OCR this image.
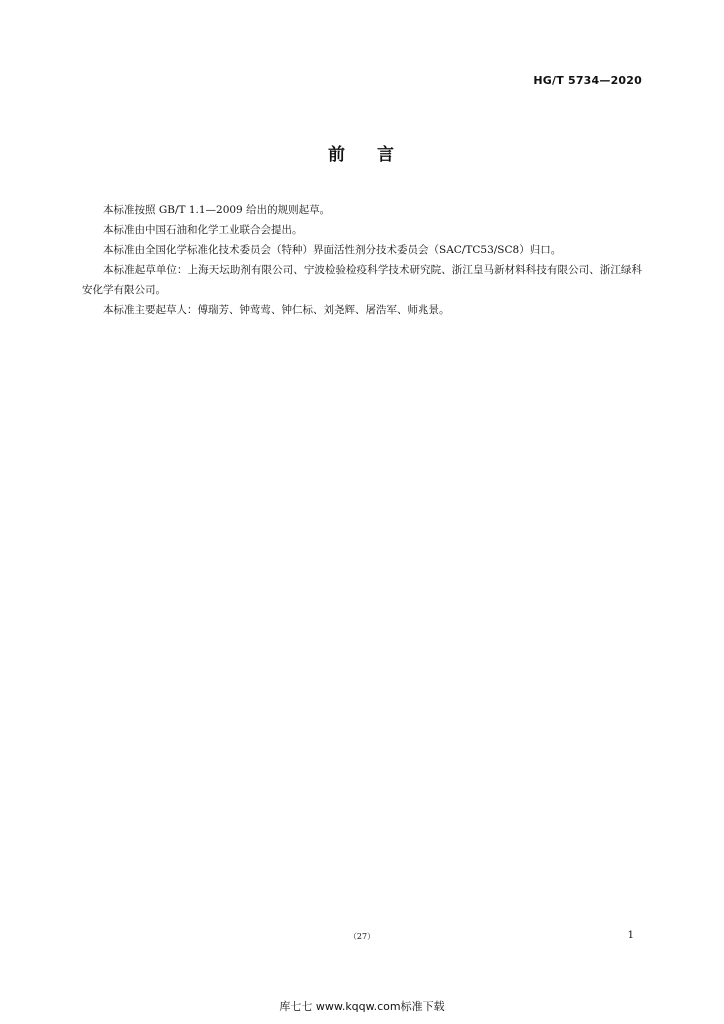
HG/T 5734—2020
前 言

本标准按照 GB/T 1.1—2009 给出的规则起草。

本标准由中国石油和化学工业联合会提出。

本标准由全国化学标准化技术委员会（特种）界面活性剂分技术委员会（SAC/TC53/SC8）归口。

本标准起草单位：上海天坛助剂有限公司、宁波检验检疫科学技术研究院、浙江皇马新材料科技有限公司、浙江绿科安化学有限公司。

本标准主要起草人：傅瑞芳、钟莺莺、钟仁标、刘尧辉、屠浩军、师兆景。

（27）	1
库七七 www.kqqw.com标准下载
